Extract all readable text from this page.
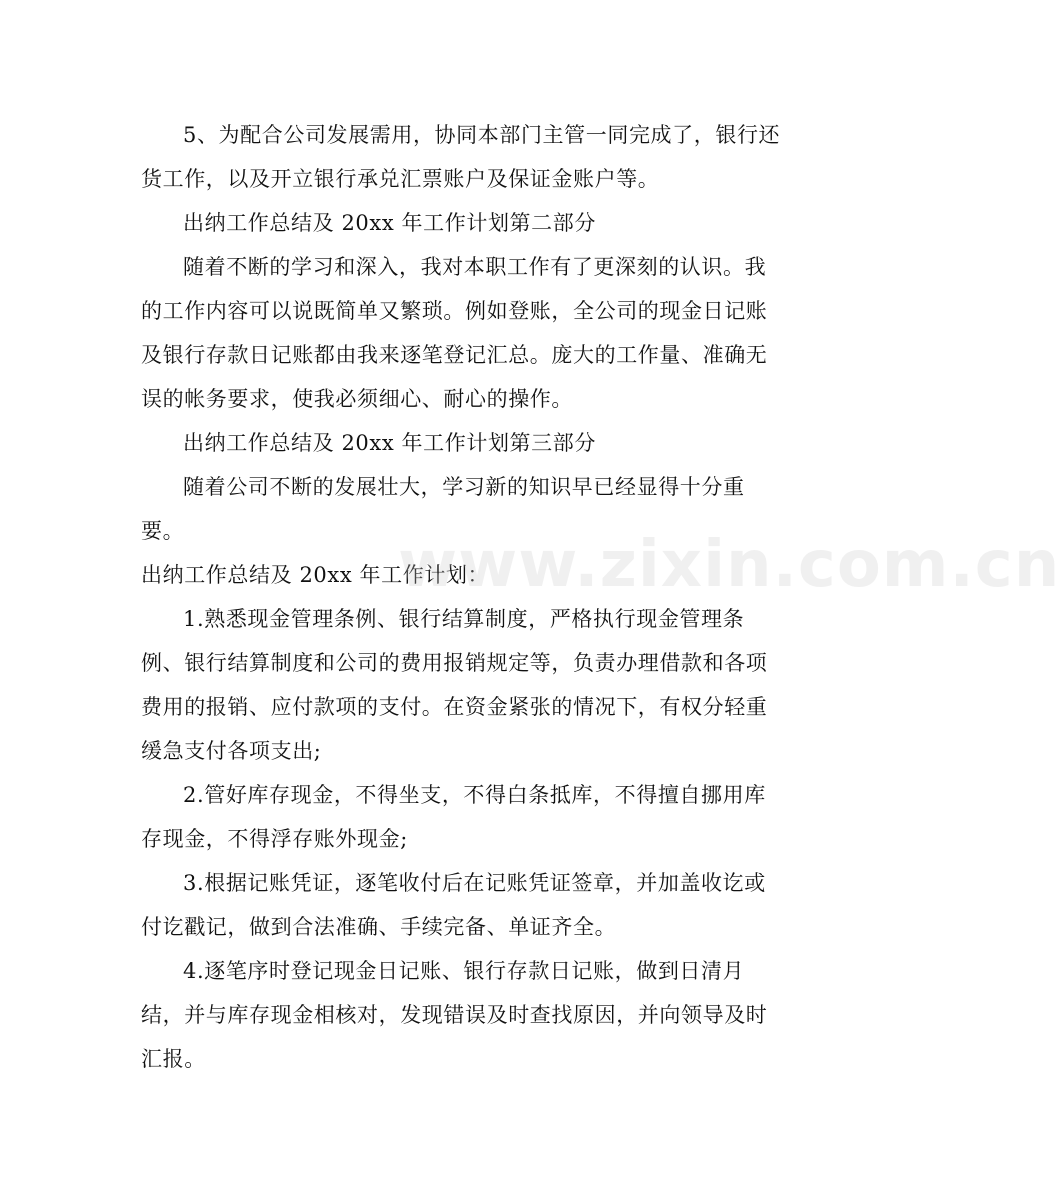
5、为配合公司发展需用，协同本部门主管一同完成了，银行还货工作，以及开立银行承兑汇票账户及保证金账户等。

出纳工作总结及 20xx 年工作计划第二部分

随着不断的学习和深入，我对本职工作有了更深刻的认识。我的工作内容可以说既简单又繁琐。例如登账，全公司的现金日记账及银行存款日记账都由我来逐笔登记汇总。庞大的工作量、准确无误的帐务要求，使我必须细心、耐心的操作。

出纳工作总结及 20xx 年工作计划第三部分

随着公司不断的发展壮大，学习新的知识早已经显得十分重要。

出纳工作总结及 20xx 年工作计划：

1.熟悉现金管理条例、银行结算制度，严格执行现金管理条例、银行结算制度和公司的费用报销规定等，负责办理借款和各项费用的报销、应付款项的支付。在资金紧张的情况下，有权分轻重缓急支付各项支出;

2.管好库存现金，不得坐支，不得白条抵库，不得擅自挪用库存现金，不得浮存账外现金;

3.根据记账凭证，逐笔收付后在记账凭证签章，并加盖收讫或付讫戳记，做到合法准确、手续完备、单证齐全。

4.逐笔序时登记现金日记账、银行存款日记账，做到日清月结，并与库存现金相核对，发现错误及时查找原因，并向领导及时汇报。

www.zixin.com.cn
